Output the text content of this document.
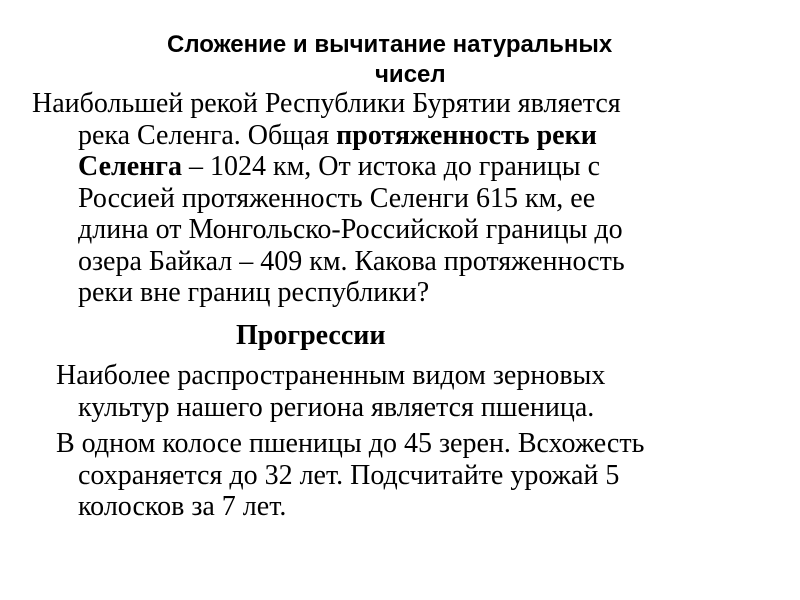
Сложение и вычитание натуральных
чисел
Наибольшей рекой Республики Бурятии является
река Селенга. Общая протяженность реки
Селенга – 1024 км, От истока до границы с
Россией протяженность Селенги 615 км, ее
длина от Монгольско-Российской границы до
озера Байкал – 409 км. Какова протяженность
реки вне границ республики?
Прогрессии
Наиболее распространенным видом зерновых
культур нашего региона является пшеница.
В одном колосе пшеницы до 45 зерен. Всхожесть
сохраняется до 32 лет. Подсчитайте урожай 5
колосков за 7 лет.
